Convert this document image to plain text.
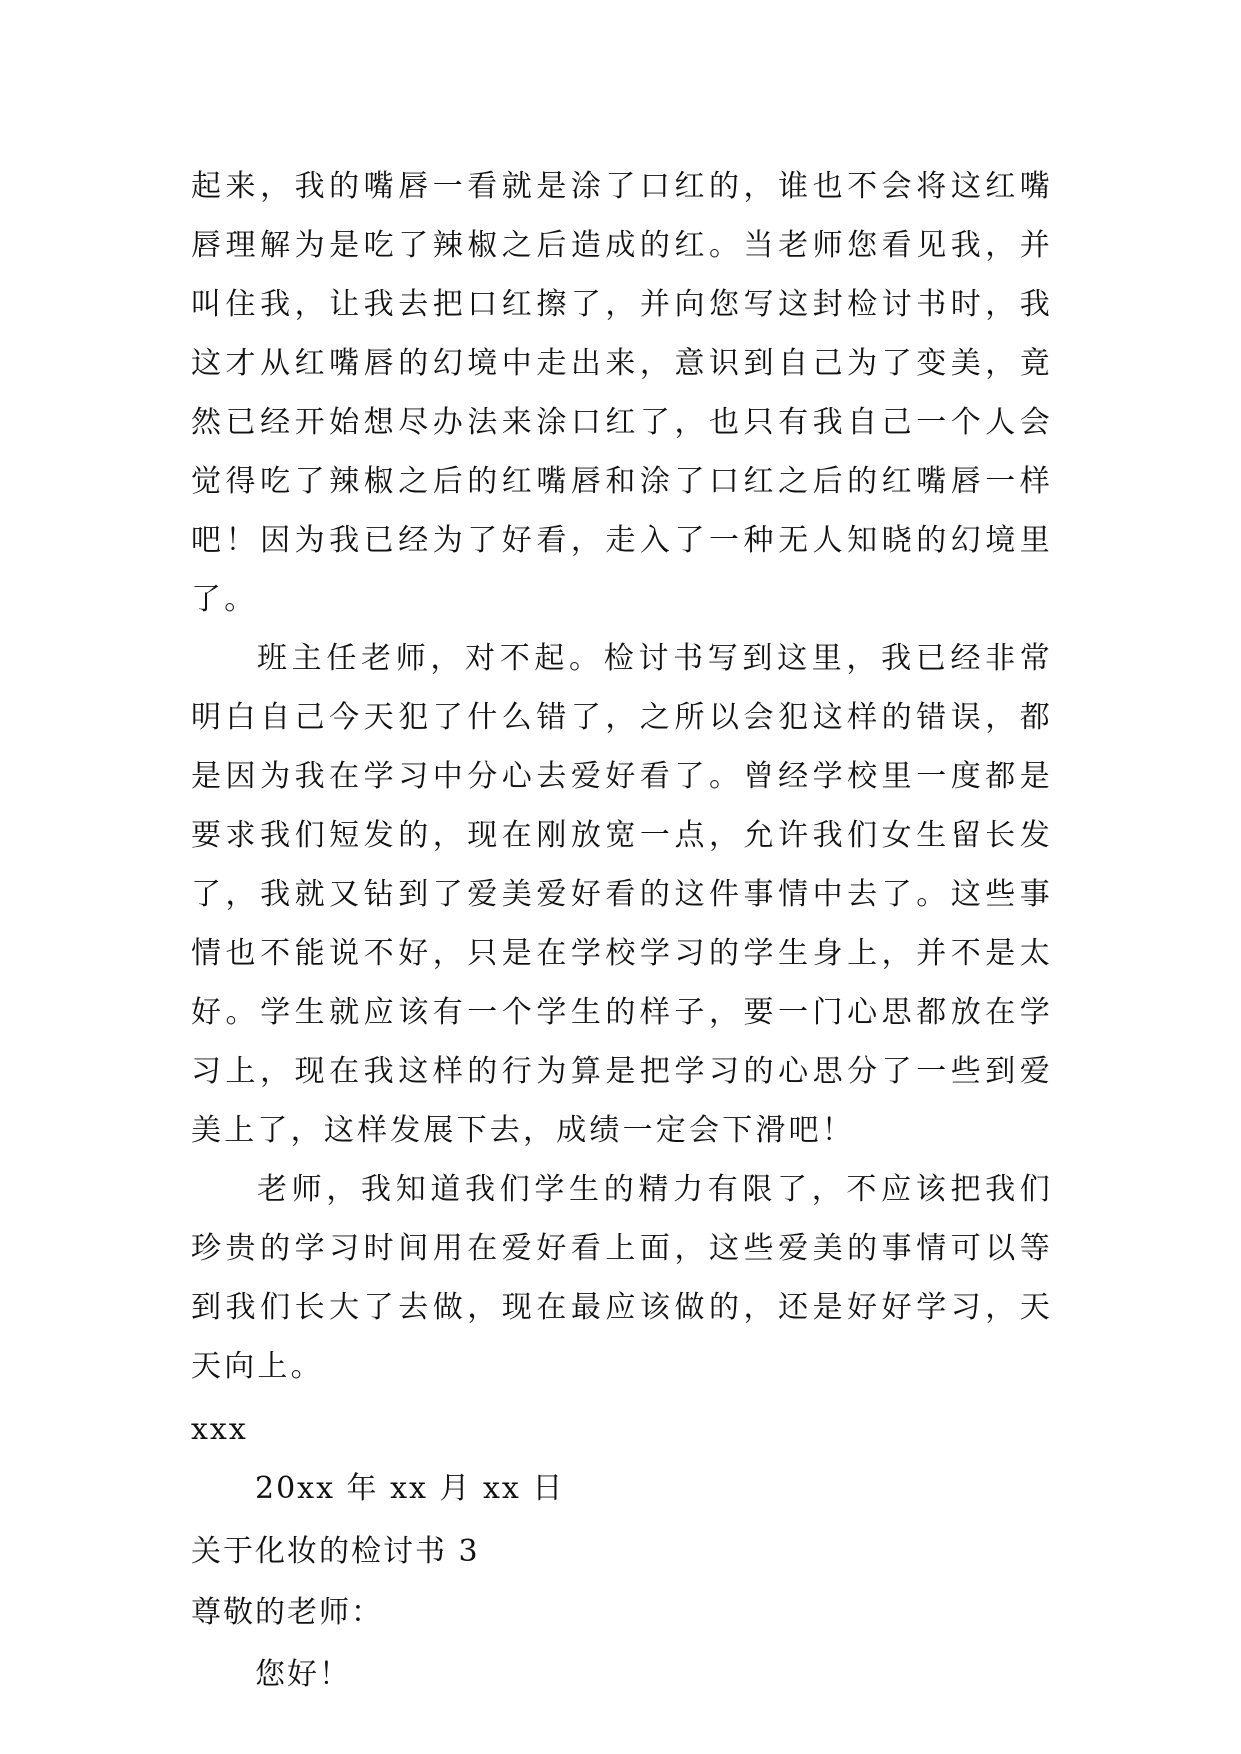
起来，我的嘴唇一看就是涂了口红的，谁也不会将这红嘴唇理解为是吃了辣椒之后造成的红。当老师您看见我，并叫住我，让我去把口红擦了，并向您写这封检讨书时，我这才从红嘴唇的幻境中走出来，意识到自己为了变美，竟然已经开始想尽办法来涂口红了，也只有我自己一个人会觉得吃了辣椒之后的红嘴唇和涂了口红之后的红嘴唇一样吧！因为我已经为了好看，走入了一种无人知晓的幻境里了。

班主任老师，对不起。检讨书写到这里，我已经非常明白自己今天犯了什么错了，之所以会犯这样的错误，都是因为我在学习中分心去爱好看了。曾经学校里一度都是要求我们短发的，现在刚放宽一点，允许我们女生留长发了，我就又钻到了爱美爱好看的这件事情中去了。这些事情也不能说不好，只是在学校学习的学生身上，并不是太好。学生就应该有一个学生的样子，要一门心思都放在学习上，现在我这样的行为算是把学习的心思分了一些到爱美上了，这样发展下去，成绩一定会下滑吧！

老师，我知道我们学生的精力有限了，不应该把我们珍贵的学习时间用在爱好看上面，这些爱美的事情可以等到我们长大了去做，现在最应该做的，还是好好学习，天天向上。

xxx

20xx 年 xx 月 xx 日

关于化妆的检讨书 3

尊敬的老师：

您好！
